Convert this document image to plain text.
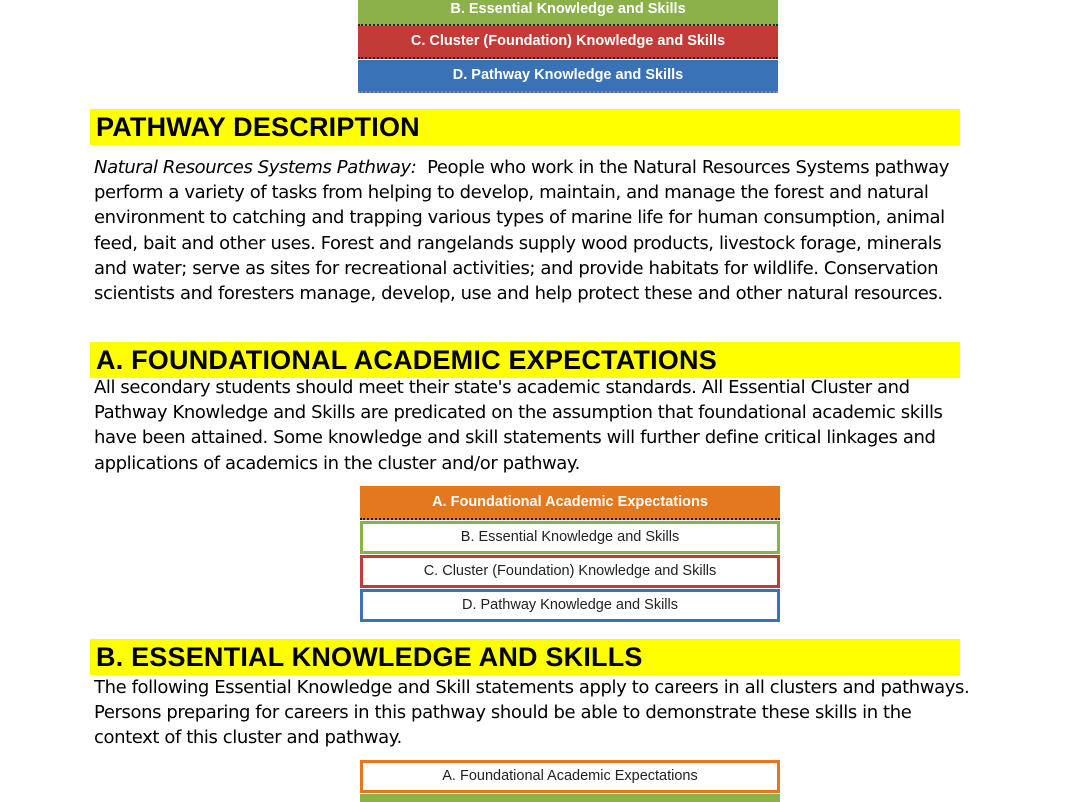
B. Essential Knowledge and Skills
C. Cluster (Foundation) Knowledge and Skills
D. Pathway Knowledge and Skills
PATHWAY DESCRIPTION

Natural Resources Systems Pathway: People who work in the Natural Resources Systems pathway perform a variety of tasks from helping to develop, maintain, and manage the forest and natural environment to catching and trapping various types of marine life for human consumption, animal feed, bait and other uses. Forest and rangelands supply wood products, livestock forage, minerals and water; serve as sites for recreational activities; and provide habitats for wildlife. Conservation scientists and foresters manage, develop, use and help protect these and other natural resources.

A. FOUNDATIONAL ACADEMIC EXPECTATIONS

All secondary students should meet their state's academic standards. All Essential Cluster and Pathway Knowledge and Skills are predicated on the assumption that foundational academic skills have been attained. Some knowledge and skill statements will further define critical linkages and applications of academics in the cluster and/or pathway.

A. Foundational Academic Expectations
B. Essential Knowledge and Skills
C. Cluster (Foundation) Knowledge and Skills
D. Pathway Knowledge and Skills
B. ESSENTIAL KNOWLEDGE AND SKILLS

The following Essential Knowledge and Skill statements apply to careers in all clusters and pathways. Persons preparing for careers in this pathway should be able to demonstrate these skills in the context of this cluster and pathway.

A. Foundational Academic Expectations
